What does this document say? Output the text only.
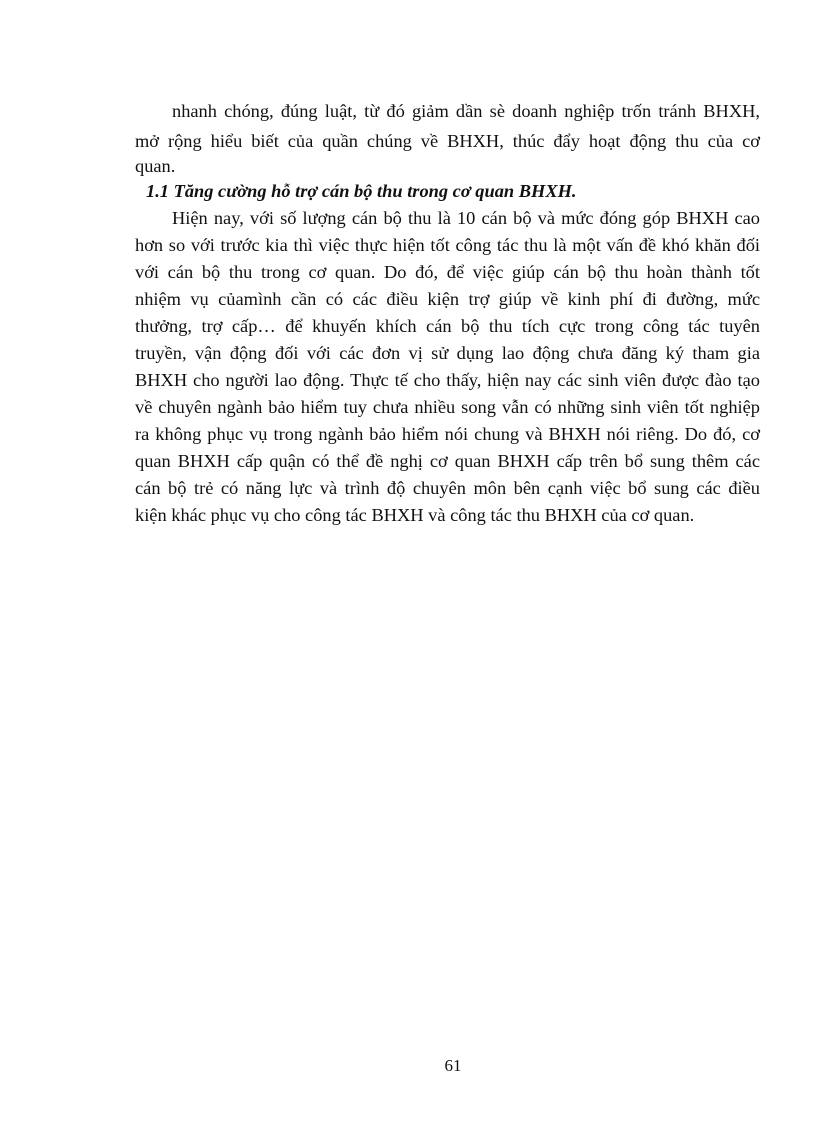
nhanh chóng, đúng luật, từ đó giảm dần sè doanh nghiệp trốn tránh BHXH,
mở rộng hiểu biết của quần chúng về BHXH, thúc đẩy hoạt động thu của cơ
quan.
1.1 Tăng cường hỗ trợ cán bộ thu trong cơ quan BHXH.
Hiện nay, với số lượng cán bộ thu là 10 cán bộ và mức đóng góp BHXH cao
hơn so với trước kia thì việc thực hiện tốt công tác thu là một vấn đề khó khăn đối
với cán bộ thu trong cơ quan. Do đó, để việc giúp cán bộ thu hoàn thành tốt
nhiệm vụ củamình cần có các điều kiện trợ giúp về kinh phí đi đường, mức
thưởng, trợ cấp… để khuyến khích cán bộ thu tích cực trong công tác tuyên
truyền, vận động đối với các đơn vị sử dụng lao động chưa đăng ký tham gia
BHXH cho người lao động. Thực tế cho thấy, hiện nay các sinh viên được đào tạo
về chuyên ngành bảo hiểm tuy chưa nhiều song vẫn có những sinh viên tốt nghiệp
ra không phục vụ trong ngành bảo hiểm nói chung và BHXH nói riêng. Do đó, cơ
quan BHXH cấp quận có thể đề nghị cơ quan BHXH cấp trên bổ sung thêm các
cán bộ trẻ có năng lực và trình độ chuyên môn bên cạnh việc bổ sung các điều
kiện khác phục vụ cho công tác BHXH và công tác thu BHXH của cơ quan.
61
